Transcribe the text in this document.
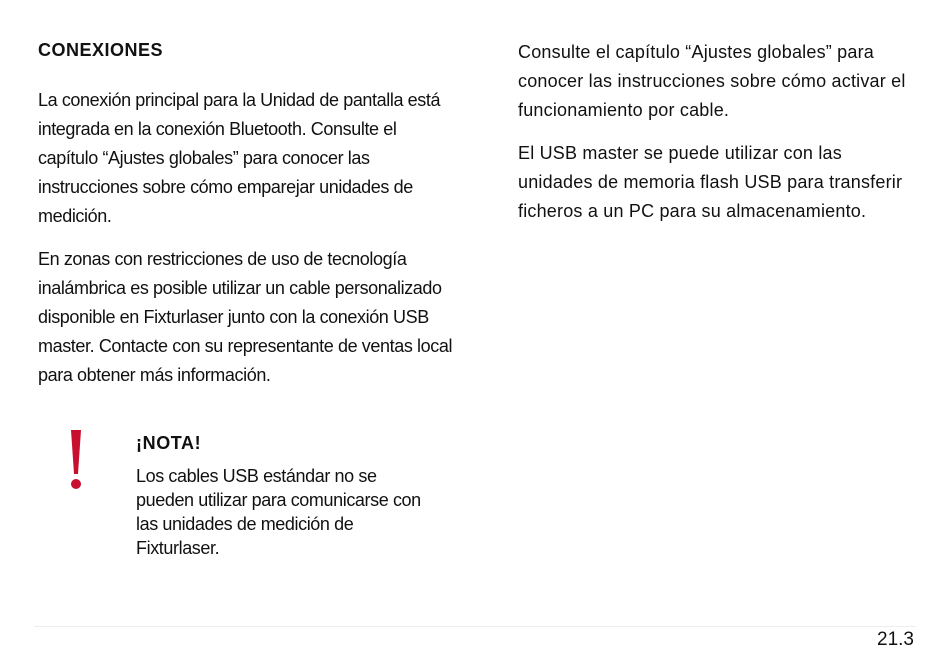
CONEXIONES

La conexión principal para la Unidad de pantalla está integrada en la conexión Bluetooth. Consulte el capítulo “Ajustes globales” para conocer las instrucciones sobre cómo emparejar unidades de medición.

En zonas con restricciones de uso de tecnología inalámbrica es posible utilizar un cable personalizado disponible en Fixturlaser junto con la conexión USB master. Contacte con su representante de ventas local para obtener más información.

¡NOTA!

Los cables USB estándar no se pueden utilizar para comunicarse con las unidades de medición de Fixturlaser.

Consulte el capítulo “Ajustes globales” para conocer las instrucciones sobre cómo activar el funcionamiento por cable.

El USB master se puede utilizar con las unidades de memoria flash USB para transferir ficheros a un PC para su almacenamiento.

21.3
